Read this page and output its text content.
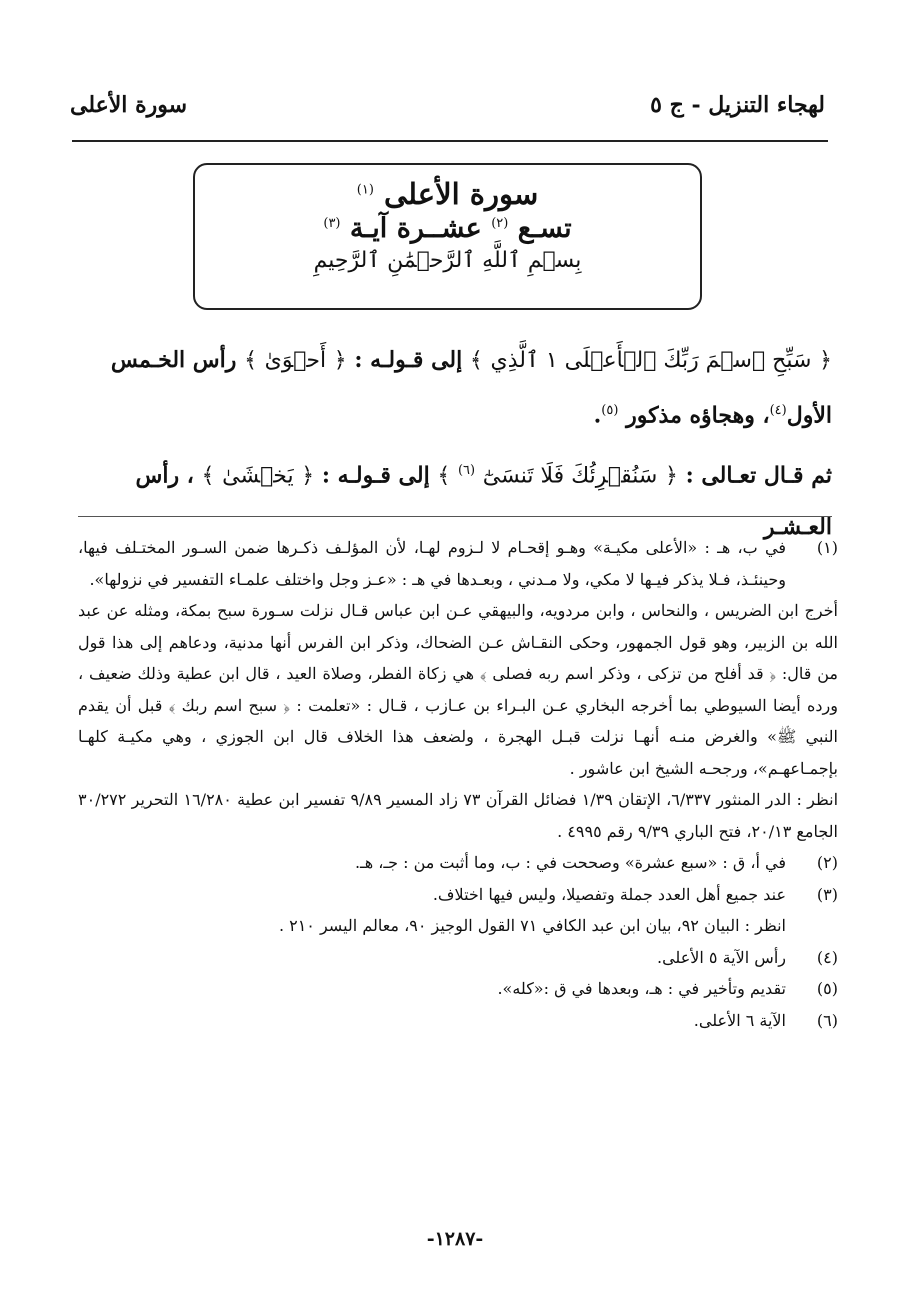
لهجاء التنزيل - ج ٥
سورة الأعلى
سورة الأعلى $^{(١)}$
تسـع $^{(٢)}$ عشــرة آيـة $^{(٣)}$
بِسۡمِ ٱللَّهِ ٱلرَّحۡمَٰنِ ٱلرَّحِيمِ

﴿ سَبِّحِ ٱسۡمَ رَبِّكَ ٱلۡأَعۡلَى ١ ٱلَّذِي ﴾ إلى قـولـه : ﴿ أَحۡوَىٰ ﴾ رأس الخـمس الأول$^{(٤)}$، وهجاؤه مذكور $^{(٥)}$.

ثم قـال تعـالى : ﴿ سَنُقۡرِئُكَ فَلَا تَنسَىٰٓ $^{(٦)}$ ﴾ إلى قـولـه : ﴿ يَخۡشَىٰ ﴾ ، رأس العـشـر

(١)
في ب، هـ : «الأعلى مكيـة» وهـو إقحـام لا لـزوم لهـا، لأن المؤلـف ذكـرها ضمن السـور المختـلف فيها، وحينئـذ، فـلا يذكر فيـها لا مكي، ولا مـدني ، وبعـدها في هـ : «عـز وجل واختلف علمـاء التفسير في نزولها».
أخرج ابن الضريس ، والنحاس ، وابن مردويه، والبيهقي عـن ابن عباس قـال نزلت سـورة سبح بمكة، ومثله عن عبد الله بن الزبير، وهو قول الجمهور، وحكى النقـاش عـن الضحاك، وذكر ابن الفرس أنها مدنية، ودعاهم إلى هذا قول من قال: ﴿ قد أفلح من تزكى ، وذكر اسم ربه فصلى ﴾ هي زكاة الفطر، وصلاة العيد ، قال ابن عطية وذلك ضعيف ، ورده أيضا السيوطي بما أخرجه البخاري عـن البـراء بن عـازب ، قـال : «تعلمت : ﴿ سبح اسم ربك ﴾ قبل أن يقدم النبي ﷺ» والغرض منـه أنهـا نزلت قبـل الهجرة ، ولضعف هذا الخلاف قال ابن الجوزي ، وهي مكيـة كلهـا بإجمـاعهـم»، ورجحـه الشيخ ابن عاشور .
انظر : الدر المنثور ٦/٣٣٧، الإتقان ١/٣٩ فضائل القرآن ٧٣ زاد المسير ٩/٨٩ تفسير ابن عطية ١٦/٢٨٠ التحرير ٣٠/٢٧٢ الجامع ٢٠/١٣، فتح الباري ٩/٣٩ رقم ٤٩٩٥ .
(٢)
في أ، ق : «سبع عشرة» وصححت في : ب، وما أثبت من : جـ، هـ.
(٣)
عند جميع أهل العدد جملة وتفصيلا، وليس فيها اختلاف.
انظر : البيان ٩٢، بيان ابن عبد الكافي ٧١ القول الوجيز ٩٠، معالم اليسر ٢١٠ .
(٤)
رأس الآية ٥ الأعلى.
(٥)
تقديم وتأخير في : هـ، وبعدها في ق :«كله».
(٦)
الآية ٦ الأعلى.
-١٢٨٧-
